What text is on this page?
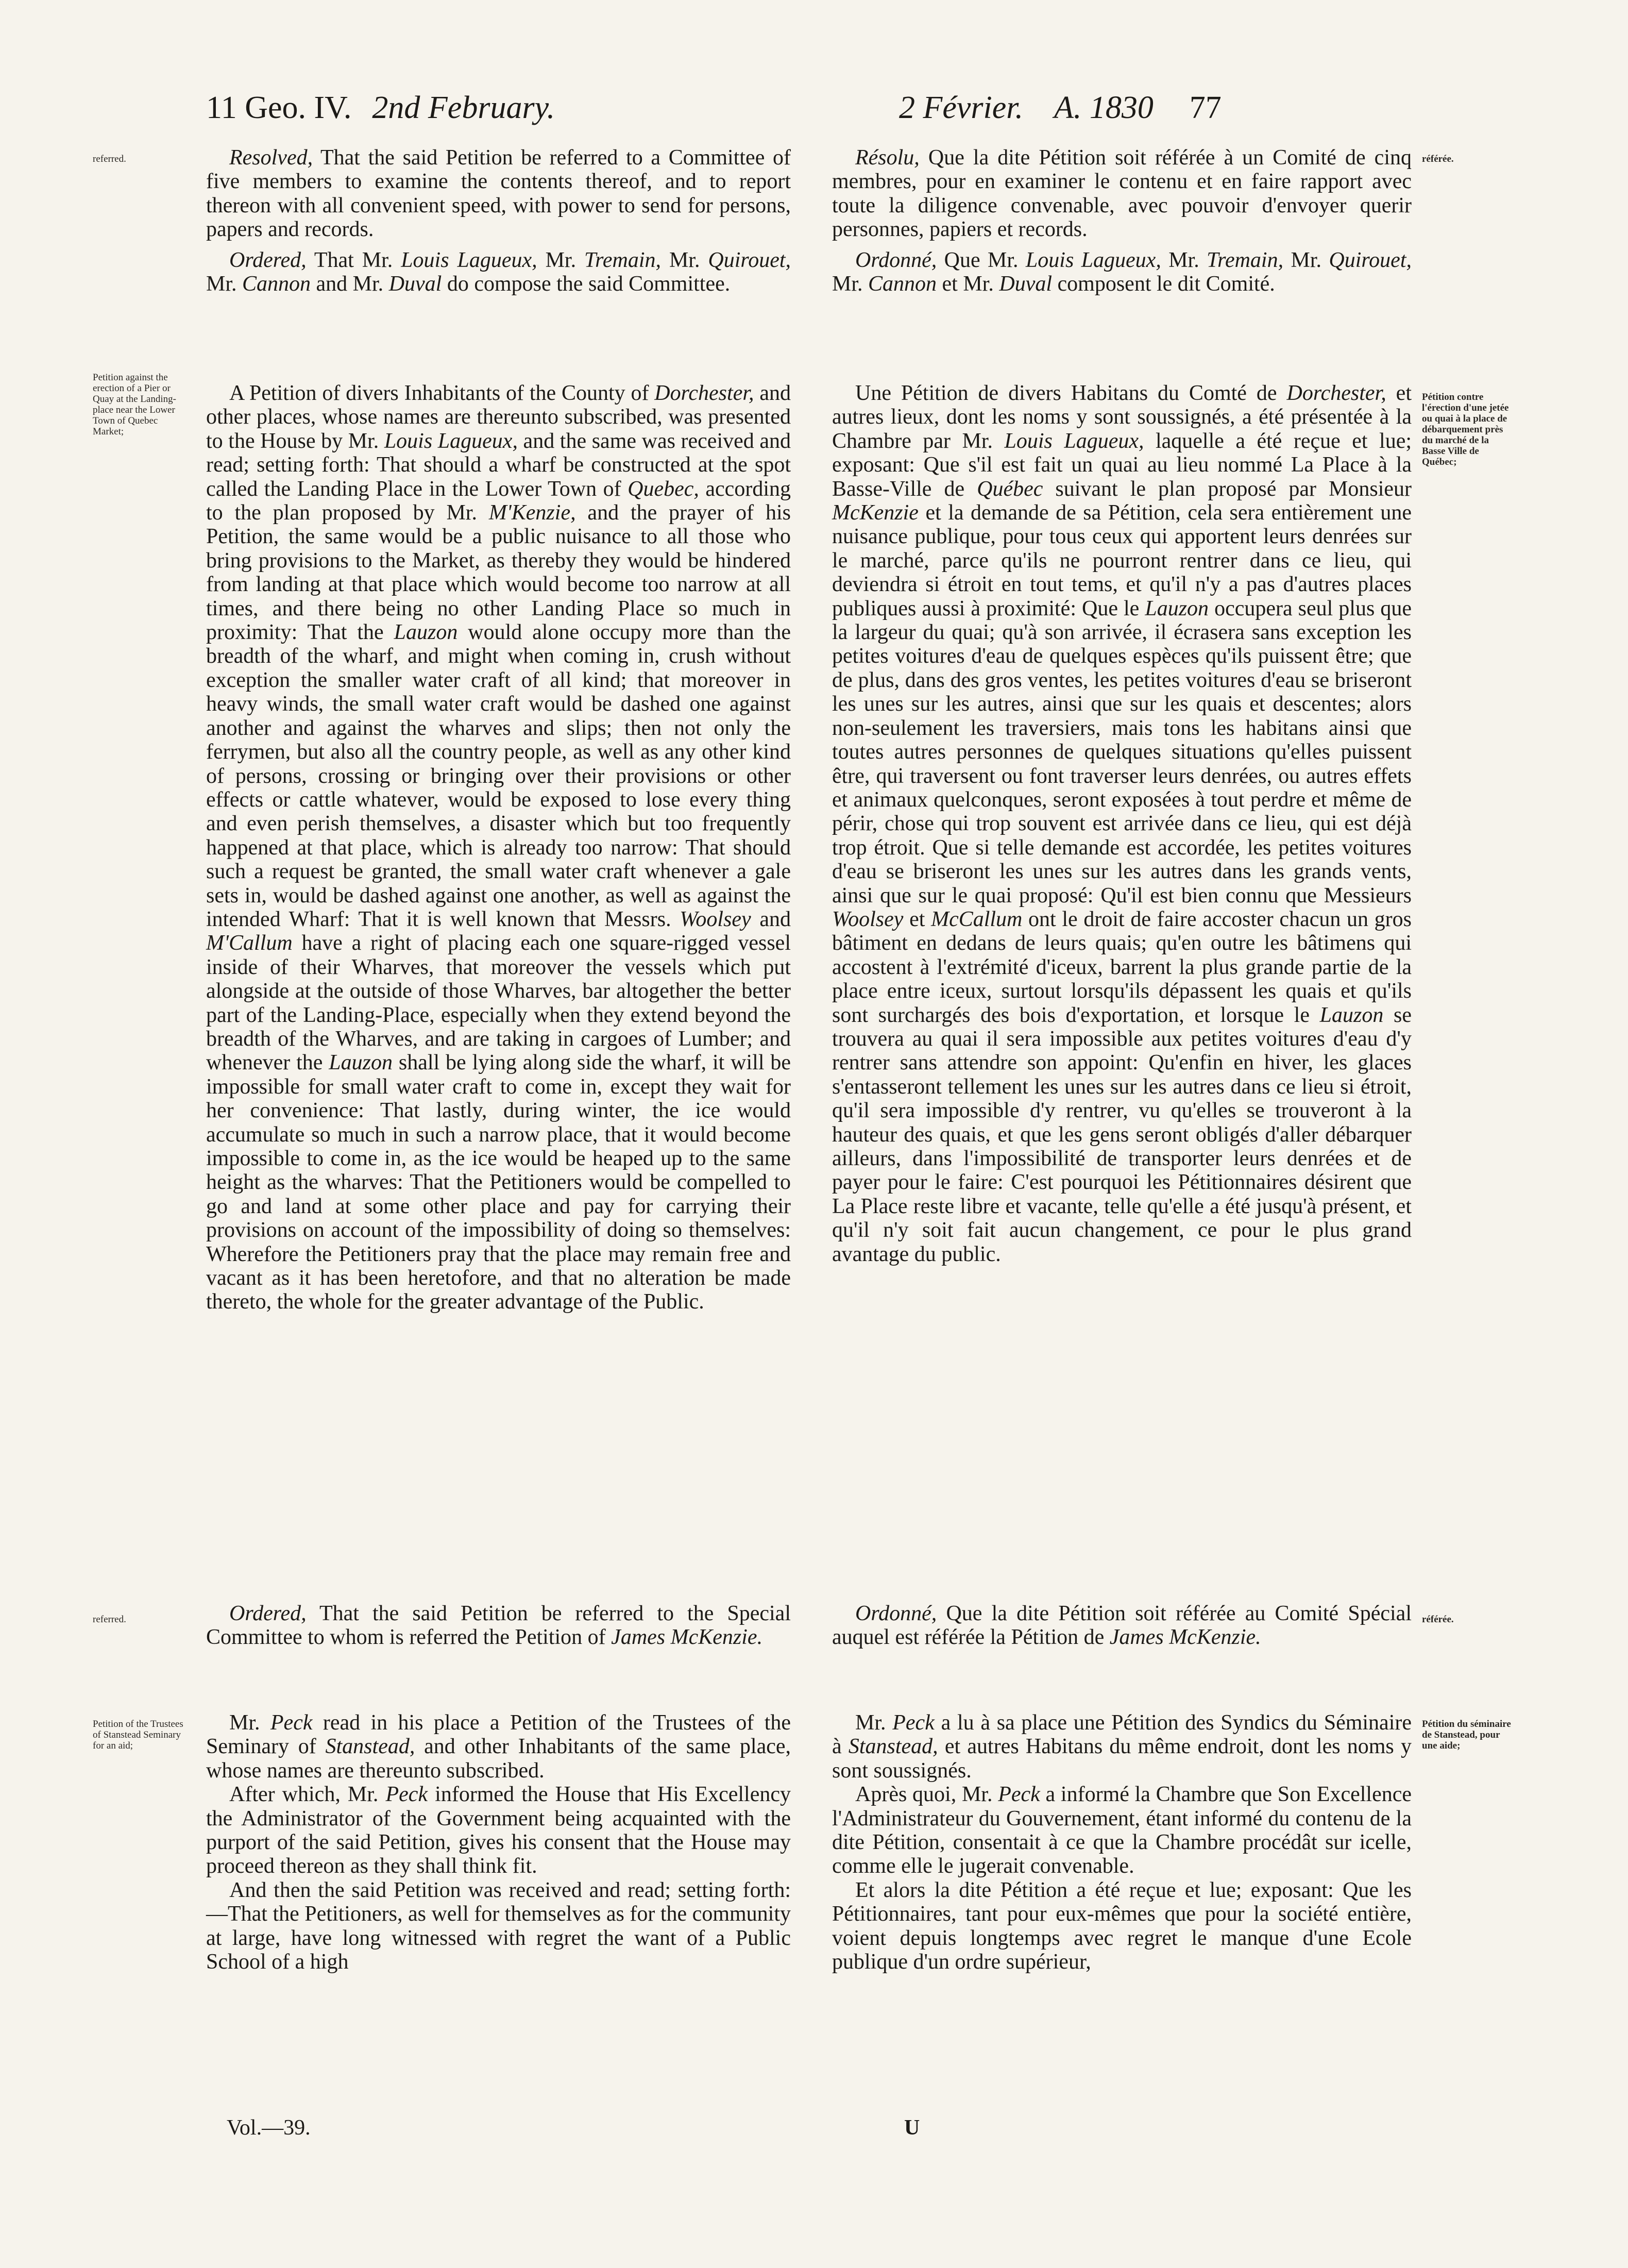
11 Geo. IV. 2nd February.	2 Février. A. 1830 77
referred.
Petition against the erection of a Pier or Quay at the Landing-place near the Lower Town of Quebec Market;
referred.
Petition of the Trustees of Stanstead Seminary for an aid;
référée.
Pétition contre l'érection d'une jetée ou quai à la place de débarquement près du marché de la Basse Ville de Québec;
référée.
Pétition du séminaire de Stanstead, pour une aide;

Resolved, That the said Petition be referred to a Committee of five members to examine the contents thereof, and to report thereon with all convenient speed, with power to send for persons, papers and records.

Ordered, That Mr. Louis Lagueux, Mr. Tremain, Mr. Quirouet, Mr. Cannon and Mr. Duval do compose the said Committee.

A Petition of divers Inhabitants of the County of Dorchester, and other places, whose names are thereunto subscribed, was presented to the House by Mr. Louis Lagueux, and the same was received and read; setting forth: That should a wharf be constructed at the spot called the Landing Place in the Lower Town of Quebec, according to the plan proposed by Mr. M'Kenzie, and the prayer of his Petition, the same would be a public nuisance to all those who bring provisions to the Market, as thereby they would be hindered from landing at that place which would become too narrow at all times, and there being no other Landing Place so much in proximity: That the Lauzon would alone occupy more than the breadth of the wharf, and might when coming in, crush without exception the smaller water craft of all kind; that moreover in heavy winds, the small water craft would be dashed one against another and against the wharves and slips; then not only the ferrymen, but also all the country people, as well as any other kind of persons, crossing or bringing over their provisions or other effects or cattle whatever, would be exposed to lose every thing and even perish themselves, a disaster which but too frequently happened at that place, which is already too narrow: That should such a request be granted, the small water craft whenever a gale sets in, would be dashed against one another, as well as against the intended Wharf: That it is well known that Messrs. Woolsey and M'Callum have a right of placing each one square-rigged vessel inside of their Wharves, that moreover the vessels which put alongside at the outside of those Wharves, bar altogether the better part of the Landing-Place, especially when they extend beyond the breadth of the Wharves, and are taking in cargoes of Lumber; and whenever the Lauzon shall be lying along side the wharf, it will be impossible for small water craft to come in, except they wait for her convenience: That lastly, during winter, the ice would accumulate so much in such a narrow place, that it would become impossible to come in, as the ice would be heaped up to the same height as the wharves: That the Petitioners would be compelled to go and land at some other place and pay for carrying their provisions on account of the impossibility of doing so themselves: Wherefore the Petitioners pray that the place may remain free and vacant as it has been heretofore, and that no alteration be made thereto, the whole for the greater advantage of the Public.

Ordered, That the said Petition be referred to the Special Committee to whom is referred the Petition of James McKenzie.

Mr. Peck read in his place a Petition of the Trustees of the Seminary of Stanstead, and other Inhabitants of the same place, whose names are thereunto subscribed.

After which, Mr. Peck informed the House that His Excellency the Administrator of the Government being acquainted with the purport of the said Petition, gives his consent that the House may proceed thereon as they shall think fit.

And then the said Petition was received and read; setting forth:—That the Petitioners, as well for themselves as for the community at large, have long witnessed with regret the want of a Public School of a high

Résolu, Que la dite Pétition soit référée à un Comité de cinq membres, pour en examiner le contenu et en faire rapport avec toute la diligence convenable, avec pouvoir d'envoyer querir personnes, papiers et records.

Ordonné, Que Mr. Louis Lagueux, Mr. Tremain, Mr. Quirouet, Mr. Cannon et Mr. Duval composent le dit Comité.

Une Pétition de divers Habitans du Comté de Dorchester, et autres lieux, dont les noms y sont soussignés, a été présentée à la Chambre par Mr. Louis Lagueux, laquelle a été reçue et lue; exposant: Que s'il est fait un quai au lieu nommé La Place à la Basse-Ville de Québec suivant le plan proposé par Monsieur McKenzie et la demande de sa Pétition, cela sera entièrement une nuisance publique, pour tous ceux qui apportent leurs denrées sur le marché, parce qu'ils ne pourront rentrer dans ce lieu, qui deviendra si étroit en tout tems, et qu'il n'y a pas d'autres places publiques aussi à proximité: Que le Lauzon occupera seul plus que la largeur du quai; qu'à son arrivée, il écrasera sans exception les petites voitures d'eau de quelques espèces qu'ils puissent être; que de plus, dans des gros ventes, les petites voitures d'eau se briseront les unes sur les autres, ainsi que sur les quais et descentes; alors non-seulement les traversiers, mais tons les habitans ainsi que toutes autres personnes de quelques situations qu'elles puissent être, qui traversent ou font traverser leurs denrées, ou autres effets et animaux quelconques, seront exposées à tout perdre et même de périr, chose qui trop souvent est arrivée dans ce lieu, qui est déjà trop étroit. Que si telle demande est accordée, les petites voitures d'eau se briseront les unes sur les autres dans les grands vents, ainsi que sur le quai proposé: Qu'il est bien connu que Messieurs Woolsey et McCallum ont le droit de faire accoster chacun un gros bâtiment en dedans de leurs quais; qu'en outre les bâtimens qui accostent à l'extrémité d'iceux, barrent la plus grande partie de la place entre iceux, surtout lorsqu'ils dépassent les quais et qu'ils sont surchargés des bois d'exportation, et lorsque le Lauzon se trouvera au quai il sera impossible aux petites voitures d'eau d'y rentrer sans attendre son appoint: Qu'enfin en hiver, les glaces s'entasseront tellement les unes sur les autres dans ce lieu si étroit, qu'il sera impossible d'y rentrer, vu qu'elles se trouveront à la hauteur des quais, et que les gens seront obligés d'aller débarquer ailleurs, dans l'impossibilité de transporter leurs denrées et de payer pour le faire: C'est pourquoi les Pétitionnaires désirent que La Place reste libre et vacante, telle qu'elle a été jusqu'à présent, et qu'il n'y soit fait aucun changement, ce pour le plus grand avantage du public.

Ordonné, Que la dite Pétition soit référée au Comité Spécial auquel est référée la Pétition de James McKenzie.

Mr. Peck a lu à sa place une Pétition des Syndics du Séminaire à Stanstead, et autres Habitans du même endroit, dont les noms y sont soussignés.

Après quoi, Mr. Peck a informé la Chambre que Son Excellence l'Administrateur du Gouvernement, étant informé du contenu de la dite Pétition, consentait à ce que la Chambre procédât sur icelle, comme elle le jugerait convenable.

Et alors la dite Pétition a été reçue et lue; exposant: Que les Pétitionnaires, tant pour eux-mêmes que pour la société entière, voient depuis longtemps avec regret le manque d'une Ecole publique d'un ordre supérieur,

Vol.—39.	U
